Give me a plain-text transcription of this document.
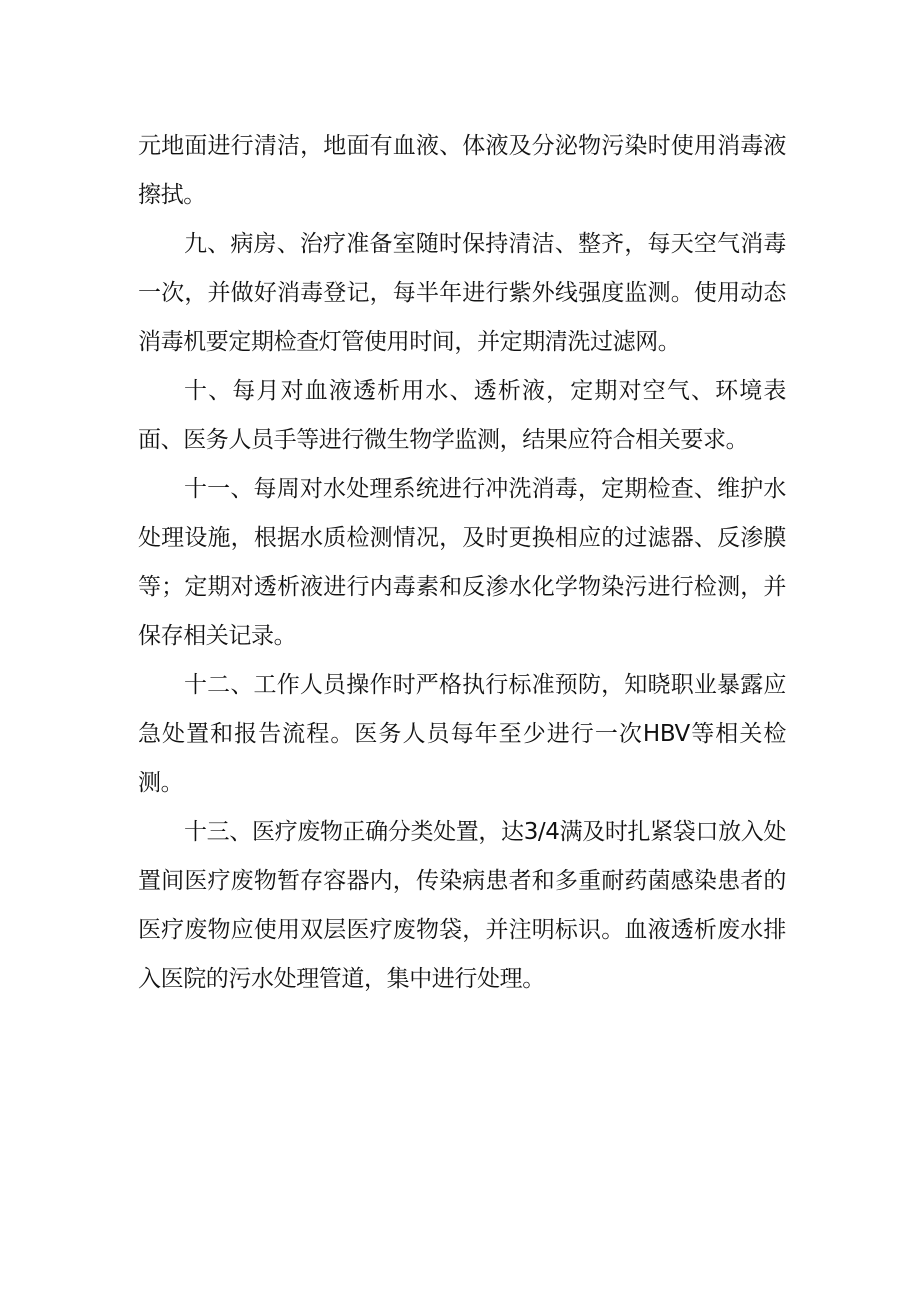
元地面进行清洁，地面有血液、体液及分泌物污染时使用消毒液擦拭。

九、病房、治疗准备室随时保持清洁、整齐，每天空气消毒一次，并做好消毒登记，每半年进行紫外线强度监测。使用动态消毒机要定期检查灯管使用时间，并定期清洗过滤网。

十、每月对血液透析用水、透析液，定期对空气、环境表面、医务人员手等进行微生物学监测，结果应符合相关要求。

十一、每周对水处理系统进行冲洗消毒，定期检查、维护水处理设施，根据水质检测情况，及时更换相应的过滤器、反渗膜等；定期对透析液进行内毒素和反渗水化学物染污进行检测，并保存相关记录。

十二、工作人员操作时严格执行标准预防，知晓职业暴露应急处置和报告流程。医务人员每年至少进行一次HBV等相关检测。

十三、医疗废物正确分类处置，达3/4满及时扎紧袋口放入处置间医疗废物暂存容器内，传染病患者和多重耐药菌感染患者的医疗废物应使用双层医疗废物袋，并注明标识。血液透析废水排入医院的污水处理管道，集中进行处理。
